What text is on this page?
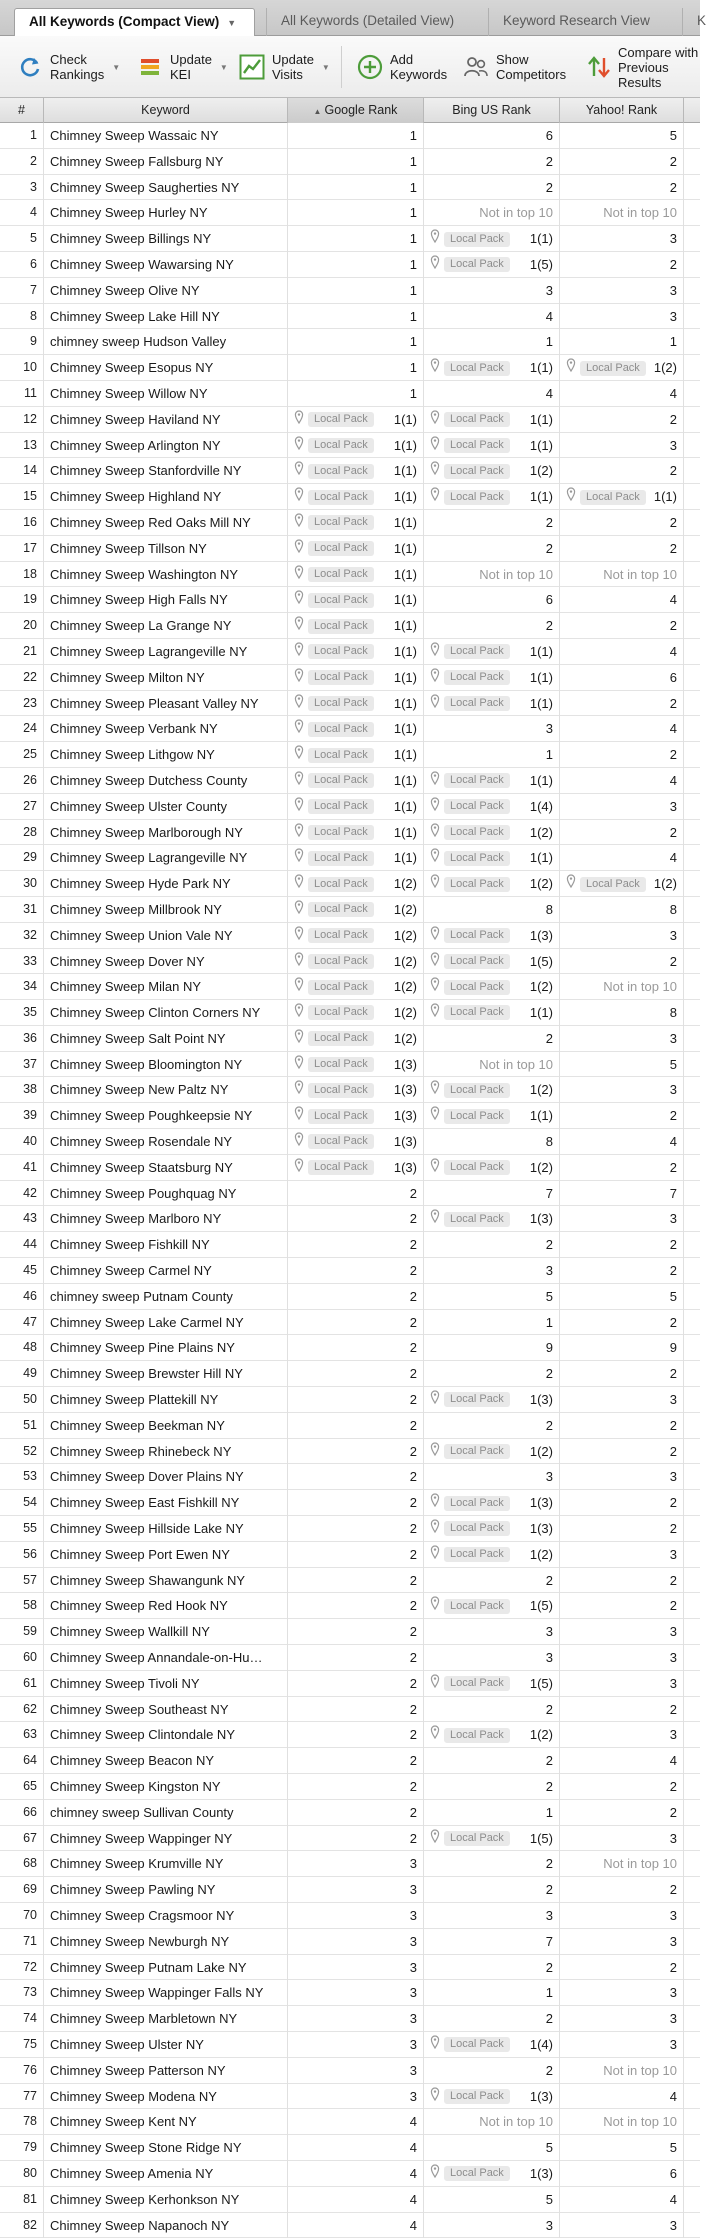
All Keywords (Compact View) ▼	All Keywords (Detailed View)	Keyword Research View	K
Check
Rankings ▼	Update
KEI	▼	Update
Visits	▼	Add
Keywords
Show
Competitors
Compare with
Previous Results
#	Keyword	▲ Google Rank	Bing US Rank	Yahoo! Rank
1	Chimney Sweep Wassaic NY	1	6	5
2	Chimney Sweep Fallsburg NY	1	2	2
3	Chimney Sweep Saugherties NY	1	2	2
4	Chimney Sweep Hurley NY	1	Not in top 10	Not in top 10
5	Chimney Sweep Billings NY	1	Local Pack	1(1)	3
6	Chimney Sweep Wawarsing NY	1	Local Pack	1(5)	2
7	Chimney Sweep Olive NY	1	3	3
8	Chimney Sweep Lake Hill NY	1	4	3
9	chimney sweep Hudson Valley	1	1	1
10	Chimney Sweep Esopus NY	1	Local Pack	1(1)	Local Pack	1(2)
11	Chimney Sweep Willow NY	1	4	4
12	Chimney Sweep Haviland NY	Local Pack	1(1)	Local Pack	1(1)	2
13	Chimney Sweep Arlington NY	Local Pack	1(1)	Local Pack	1(1)	3
14	Chimney Sweep Stanfordville NY	Local Pack	1(1)	Local Pack	1(2)	2
15	Chimney Sweep Highland NY	Local Pack	1(1)	Local Pack	1(1)	Local Pack	1(1)
16	Chimney Sweep Red Oaks Mill NY	Local Pack	1(1)	2	2
17	Chimney Sweep Tillson NY	Local Pack	1(1)	2	2
18	Chimney Sweep Washington NY	Local Pack	1(1)	Not in top 10	Not in top 10
19	Chimney Sweep High Falls NY	Local Pack	1(1)	6	4
20	Chimney Sweep La Grange NY	Local Pack	1(1)	2	2
21	Chimney Sweep Lagrangeville NY	Local Pack	1(1)	Local Pack	1(1)	4
22	Chimney Sweep Milton NY	Local Pack	1(1)	Local Pack	1(1)	6
23	Chimney Sweep Pleasant Valley NY	Local Pack	1(1)	Local Pack	1(1)	2
24	Chimney Sweep Verbank NY	Local Pack	1(1)	3	4
25	Chimney Sweep Lithgow NY	Local Pack	1(1)	1	2
26	Chimney Sweep Dutchess County	Local Pack	1(1)	Local Pack	1(1)	4
27	Chimney Sweep Ulster County	Local Pack	1(1)	Local Pack	1(4)	3
28	Chimney Sweep Marlborough NY	Local Pack	1(1)	Local Pack	1(2)	2
29	Chimney Sweep Lagrangeville NY	Local Pack	1(1)	Local Pack	1(1)	4
30	Chimney Sweep Hyde Park NY	Local Pack	1(2)	Local Pack	1(2)	Local Pack	1(2)
31	Chimney Sweep Millbrook NY	Local Pack	1(2)	8	8
32	Chimney Sweep Union Vale NY	Local Pack	1(2)	Local Pack	1(3)	3
33	Chimney Sweep Dover NY	Local Pack	1(2)	Local Pack	1(5)	2
34	Chimney Sweep Milan NY	Local Pack	1(2)	Local Pack	1(2)	Not in top 10
35	Chimney Sweep Clinton Corners NY	Local Pack	1(2)	Local Pack	1(1)	8
36	Chimney Sweep Salt Point NY	Local Pack	1(2)	2	3
37	Chimney Sweep Bloomington NY	Local Pack	1(3)	Not in top 10	5
38	Chimney Sweep New Paltz NY	Local Pack	1(3)	Local Pack	1(2)	3
39	Chimney Sweep Poughkeepsie NY	Local Pack	1(3)	Local Pack	1(1)	2
40	Chimney Sweep Rosendale NY	Local Pack	1(3)	8	4
41	Chimney Sweep Staatsburg NY	Local Pack	1(3)	Local Pack	1(2)	2
42	Chimney Sweep Poughquag NY	2	7	7
43	Chimney Sweep Marlboro NY	2	Local Pack	1(3)	3
44	Chimney Sweep Fishkill NY	2	2	2
45	Chimney Sweep Carmel NY	2	3	2
46	chimney sweep Putnam County	2	5	5
47	Chimney Sweep Lake Carmel NY	2	1	2
48	Chimney Sweep Pine Plains NY	2	9	9
49	Chimney Sweep Brewster Hill NY	2	2	2
50	Chimney Sweep Plattekill NY	2	Local Pack	1(3)	3
51	Chimney Sweep Beekman NY	2	2	2
52	Chimney Sweep Rhinebeck NY	2	Local Pack	1(2)	2
53	Chimney Sweep Dover Plains NY	2	3	3
54	Chimney Sweep East Fishkill NY	2	Local Pack	1(3)	2
55	Chimney Sweep Hillside Lake NY	2	Local Pack	1(3)	2
56	Chimney Sweep Port Ewen NY	2	Local Pack	1(2)	3
57	Chimney Sweep Shawangunk NY	2	2	2
58	Chimney Sweep Red Hook NY	2	Local Pack	1(5)	2
59	Chimney Sweep Wallkill NY	2	3	3
60	Chimney Sweep Annandale-on-Hu…	2	3	3
61	Chimney Sweep Tivoli NY	2	Local Pack	1(5)	3
62	Chimney Sweep Southeast NY	2	2	2
63	Chimney Sweep Clintondale NY	2	Local Pack	1(2)	3
64	Chimney Sweep Beacon NY	2	2	4
65	Chimney Sweep Kingston NY	2	2	2
66	chimney sweep Sullivan County	2	1	2
67	Chimney Sweep Wappinger NY	2	Local Pack	1(5)	3
68	Chimney Sweep Krumville NY	3	2	Not in top 10
69	Chimney Sweep Pawling NY	3	2	2
70	Chimney Sweep Cragsmoor NY	3	3	3
71	Chimney Sweep Newburgh NY	3	7	3
72	Chimney Sweep Putnam Lake NY	3	2	2
73	Chimney Sweep Wappinger Falls NY	3	1	3
74	Chimney Sweep Marbletown NY	3	2	3
75	Chimney Sweep Ulster NY	3	Local Pack	1(4)	3
76	Chimney Sweep Patterson NY	3	2	Not in top 10
77	Chimney Sweep Modena NY	3	Local Pack	1(3)	4
78	Chimney Sweep Kent NY	4	Not in top 10	Not in top 10
79	Chimney Sweep Stone Ridge NY	4	5	5
80	Chimney Sweep Amenia NY	4	Local Pack	1(3)	6
81	Chimney Sweep Kerhonkson NY	4	5	4
82	Chimney Sweep Napanoch NY	4	3	3
